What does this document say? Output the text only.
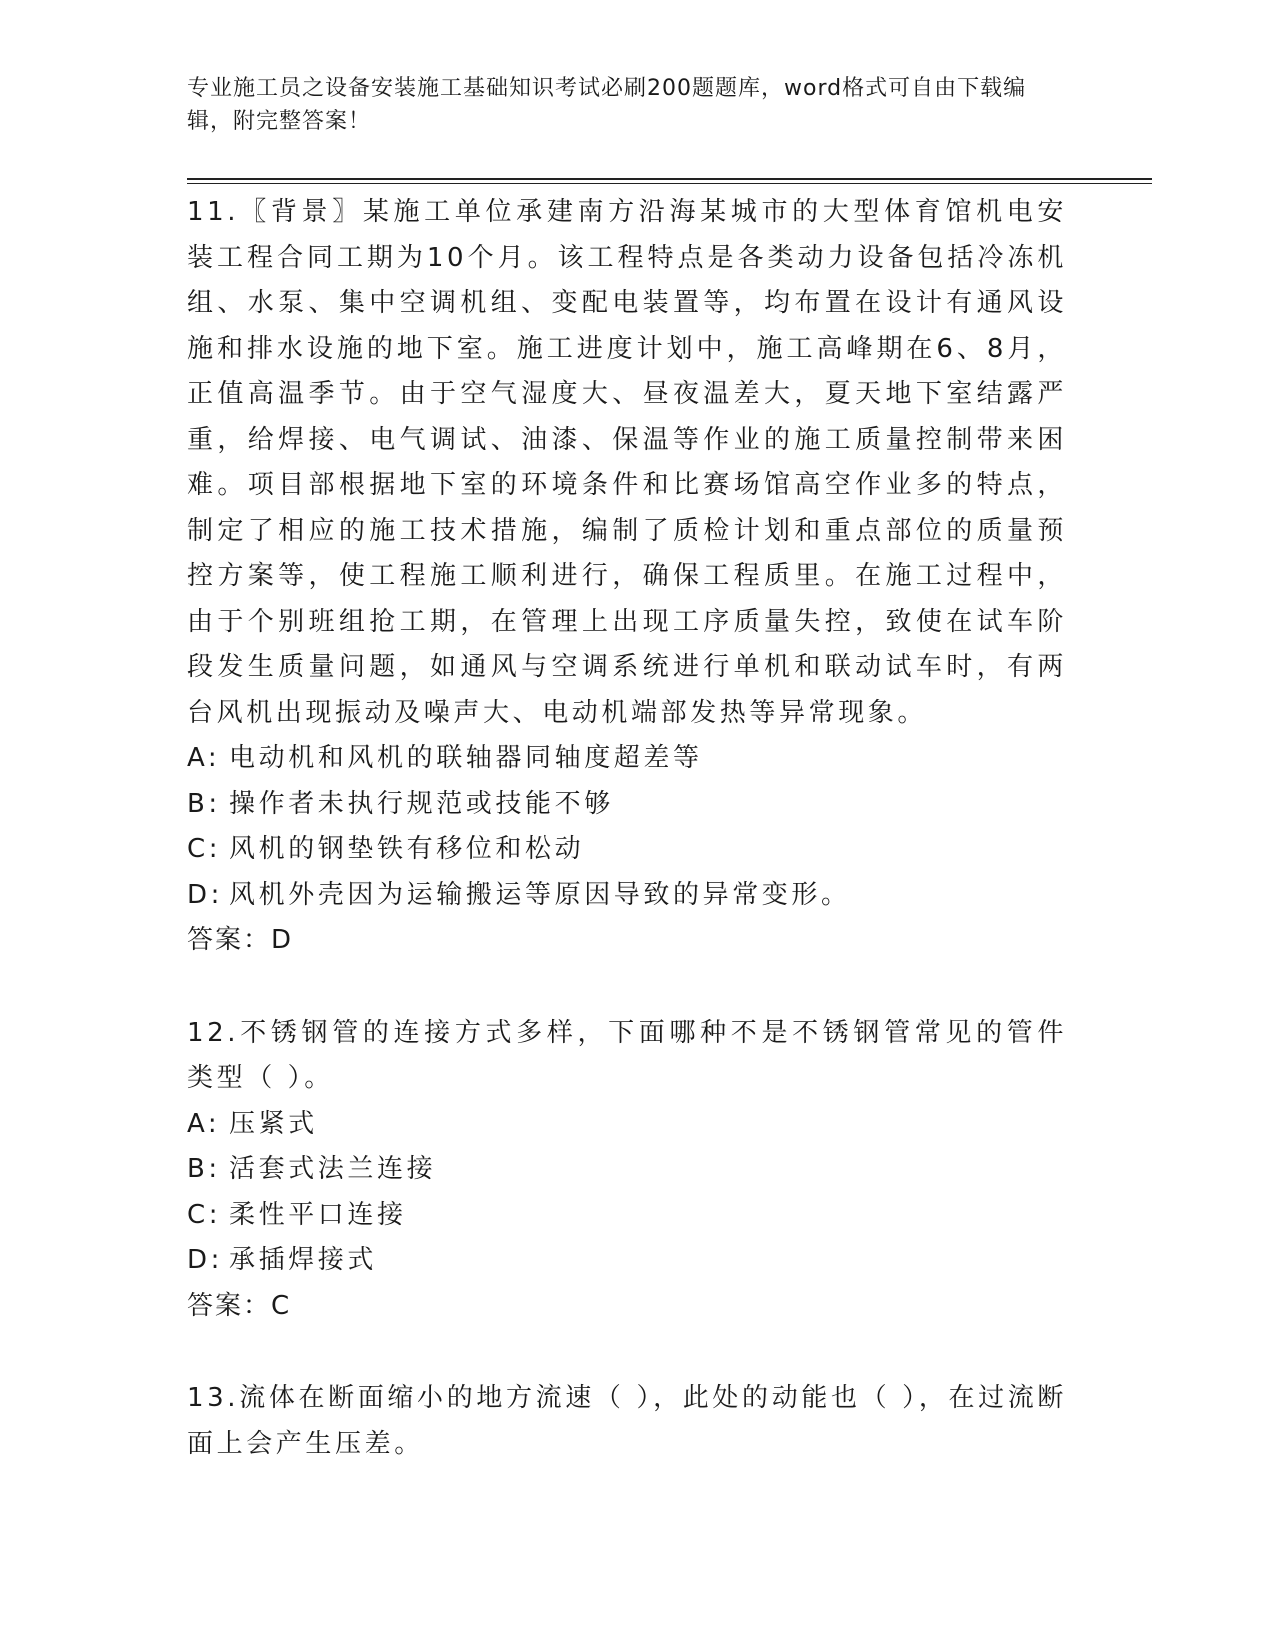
专业施工员之设备安装施工基础知识考试必刷200题题库，word格式可自由下载编辑，附完整答案！
11.〖背景〗某施工单位承建南方沿海某城市的大型体育馆机电安装工程合同工期为10个月。该工程特点是各类动力设备包括冷冻机组、水泵、集中空调机组、变配电装置等，均布置在设计有通风设施和排水设施的地下室。施工进度计划中，施工高峰期在6、8月，正值高温季节。由于空气湿度大、昼夜温差大，夏天地下室结露严重，给焊接、电气调试、油漆、保温等作业的施工质量控制带来困难。项目部根据地下室的环境条件和比赛场馆高空作业多的特点，制定了相应的施工技术措施，编制了质检计划和重点部位的质量预控方案等，使工程施工顺利进行，确保工程质里。在施工过程中，由于个别班组抢工期，在管理上出现工序质量失控，致使在试车阶段发生质量问题，如通风与空调系统进行单机和联动试车时，有两台风机出现振动及噪声大、电动机端部发热等异常现象。
A: 电动机和风机的联轴器同轴度超差等
B: 操作者未执行规范或技能不够
C: 风机的钢垫铁有移位和松动
D: 风机外壳因为运输搬运等原因导致的异常变形。
答案：D
12.不锈钢管的连接方式多样，下面哪种不是不锈钢管常见的管件类型（ ）。
A: 压紧式
B: 活套式法兰连接
C: 柔性平口连接
D: 承插焊接式
答案：C
13.流体在断面缩小的地方流速（ ），此处的动能也（ ），在过流断面上会产生压差。
